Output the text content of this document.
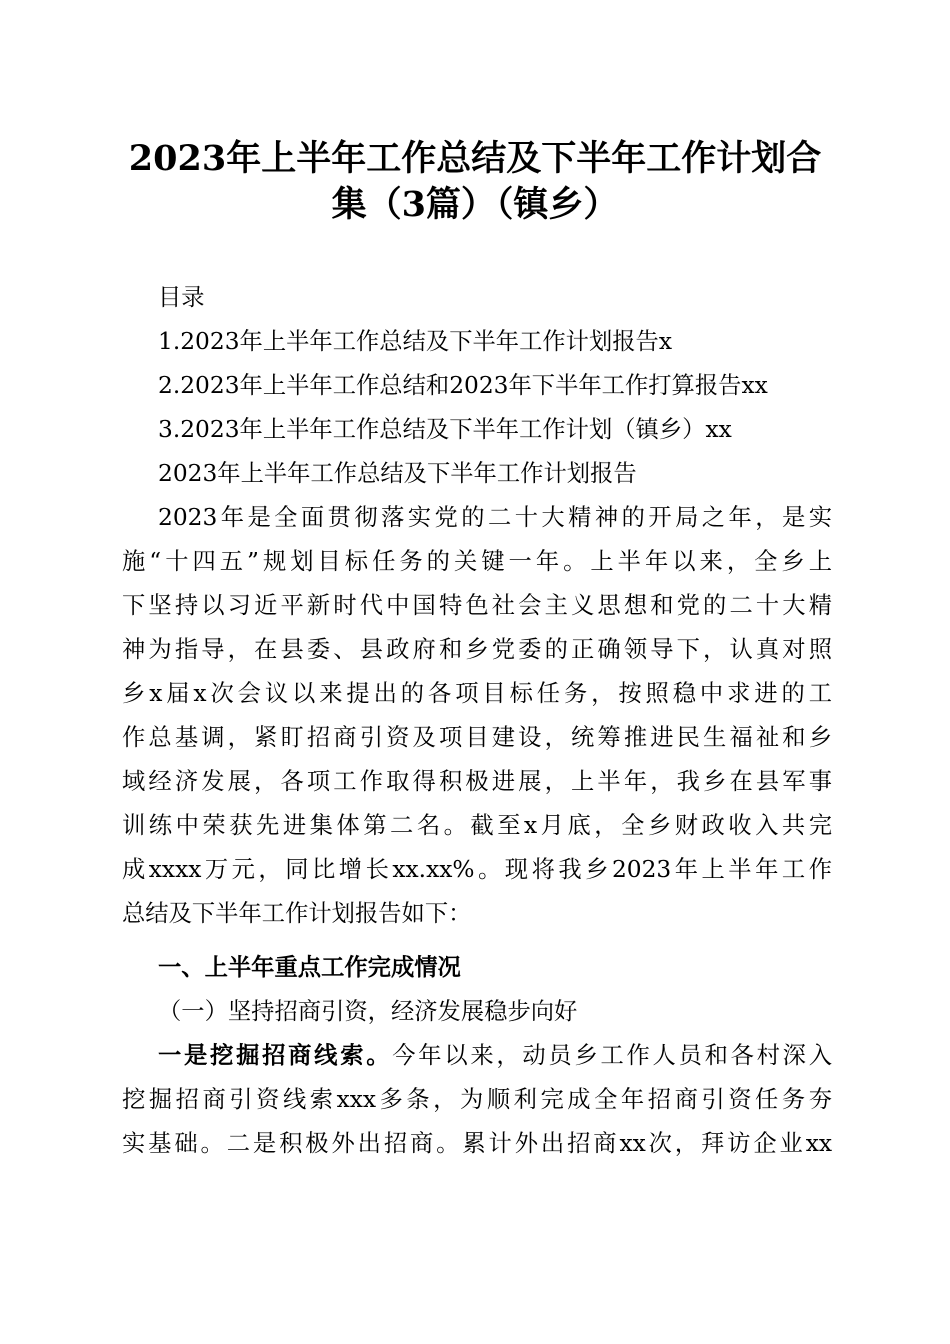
2023年上半年工作总结及下半年工作计划合
集（3篇）（镇乡）
目录
1.2023年上半年工作总结及下半年工作计划报告x
2.2023年上半年工作总结和2023年下半年工作打算报告xx
3.2023年上半年工作总结及下半年工作计划（镇乡）xx
2023年上半年工作总结及下半年工作计划报告
2023年是全面贯彻落实党的二十大精神的开局之年，是实
施“十四五”规划目标任务的关键一年。上半年以来，全乡上
下坚持以习近平新时代中国特色社会主义思想和党的二十大精
神为指导，在县委、县政府和乡党委的正确领导下，认真对照
乡x届x次会议以来提出的各项目标任务，按照稳中求进的工
作总基调，紧盯招商引资及项目建设，统筹推进民生福祉和乡
域经济发展，各项工作取得积极进展，上半年，我乡在县军事
训练中荣获先进集体第二名。截至x月底，全乡财政收入共完
成xxxx万元，同比增长xx.xx%。现将我乡2023年上半年工作
总结及下半年工作计划报告如下：
一、上半年重点工作完成情况
（一）坚持招商引资，经济发展稳步向好
一是挖掘招商线索。今年以来，动员乡工作人员和各村深入
挖掘招商引资线索xxx多条，为顺利完成全年招商引资任务夯
实基础。二是积极外出招商。累计外出招商xx次，拜访企业xx
